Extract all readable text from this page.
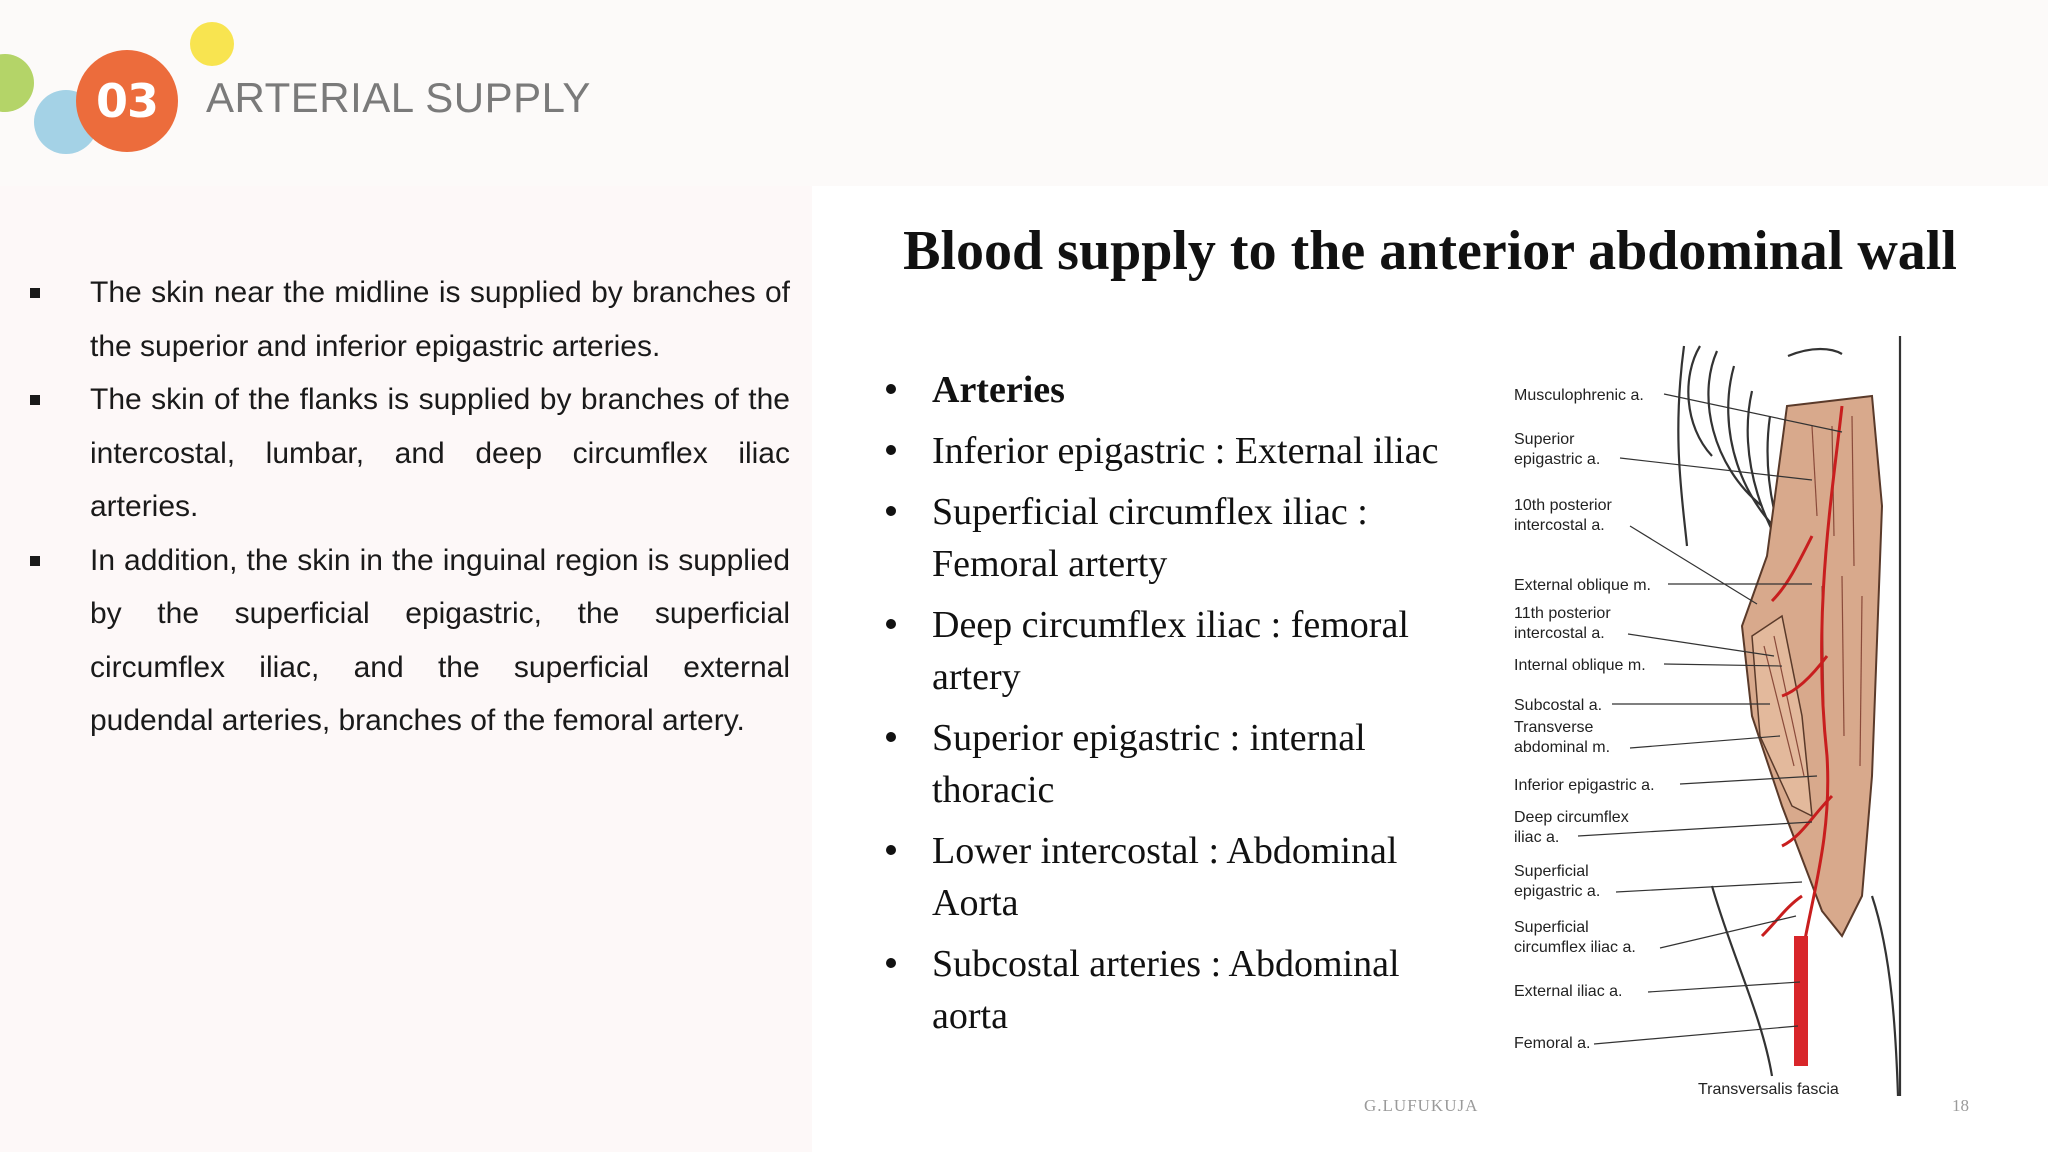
03	ARTERIAL SUPPLY
The skin near the midline is supplied by branches of the superior and inferior epigastric arteries.
The skin of the flanks is supplied by branches of the intercostal, lumbar, and deep circumflex iliac arteries.
In addition, the skin in the inguinal region is supplied by the superficial epigastric, the superficial circumflex iliac, and the superficial external pudendal arteries, branches of the femoral artery.
Blood supply to the anterior abdominal wall
Arteries
Inferior epigastric : External iliac
Superficial circumflex iliac : Femoral arterty
Deep circumflex iliac : femoral artery
Superior epigastric : internal thoracic
Lower intercostal : Abdominal Aorta
Subcostal arteries : Abdominal aorta
Musculophrenic a.
Superior
epigastric a.
10th posterior
intercostal a.
External oblique m.
11th posterior
intercostal a.
Internal oblique m.
Subcostal a.
Transverse
abdominal m.
Inferior epigastric a.
Deep circumflex
iliac a.
Superficial
epigastric a.
Superficial
circumflex iliac a.
External iliac a.
Femoral a.
Transversalis fascia
G.LUFUKUJA	18
